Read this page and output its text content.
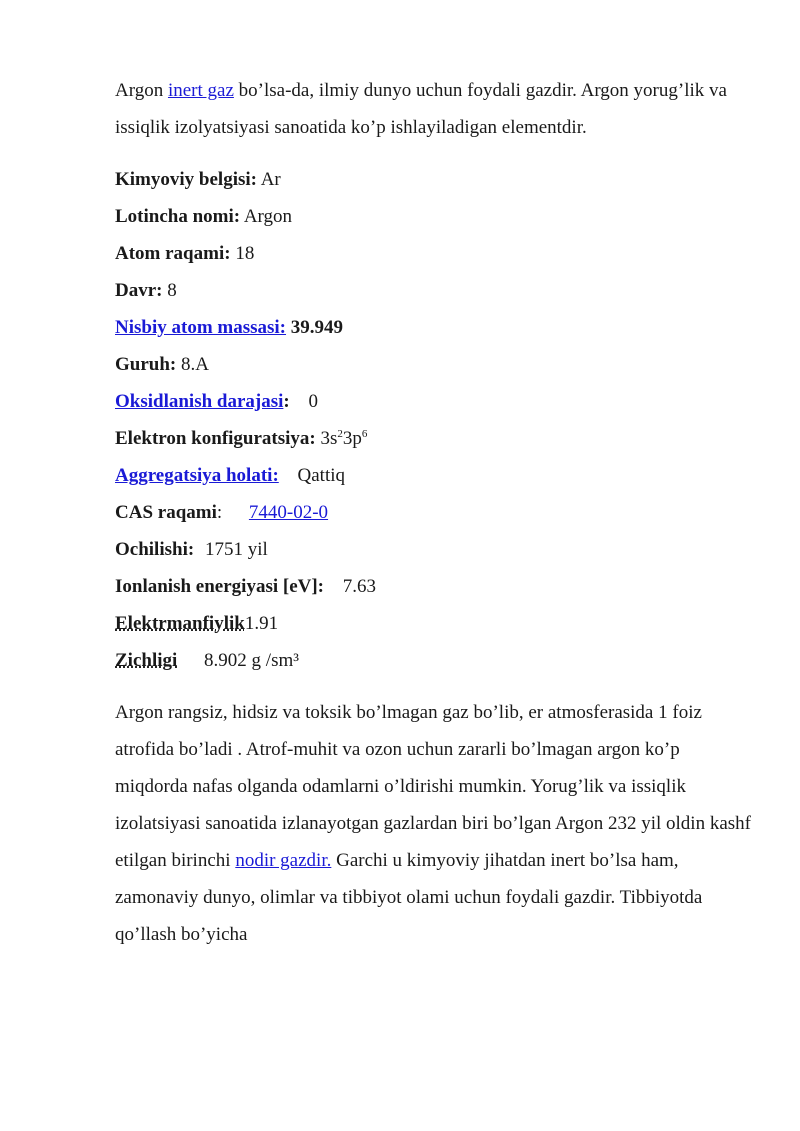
Argon inert gaz bo’lsa-da, ilmiy dunyo uchun foydali gazdir. Argon yorug’lik va issiqlik izolyatsiyasi sanoatida ko’p ishlayiladigan elementdir.

Kimyoviy belgisi: Ar
Lotincha nomi: Argon
Atom raqami: 18
Davr: 8
Nisbiy atom massasi: 39.949
Guruh: 8.A
Oksidlanish darajasi: 0
Elektron konfiguratsiya: $3s^23p^6$
Aggregatsiya holati: Qattiq
CAS raqami: 7440-02-0
Ochilishi: 1751 yil
Ionlanish energiyasi [eV]: 7.63
Elektrmanfiylik1.91
Zichligi 8.902 g /sm³

Argon rangsiz, hidsiz va toksik bo’lmagan gaz bo’lib, er atmosferasida 1 foiz atrofida bo’ladi . Atrof-muhit va ozon uchun zararli bo’lmagan argon ko’p miqdorda nafas olganda odamlarni o’ldirishi mumkin. Yorug’lik va issiqlik izolatsiyasi sanoatida izlanayotgan gazlardan biri bo’lgan Argon 232 yil oldin kashf etilgan birinchi nodir gazdir. Garchi u kimyoviy jihatdan inert bo’lsa ham, zamonaviy dunyo, olimlar va tibbiyot olami uchun foydali gazdir. Tibbiyotda qo’llash bo’yicha
